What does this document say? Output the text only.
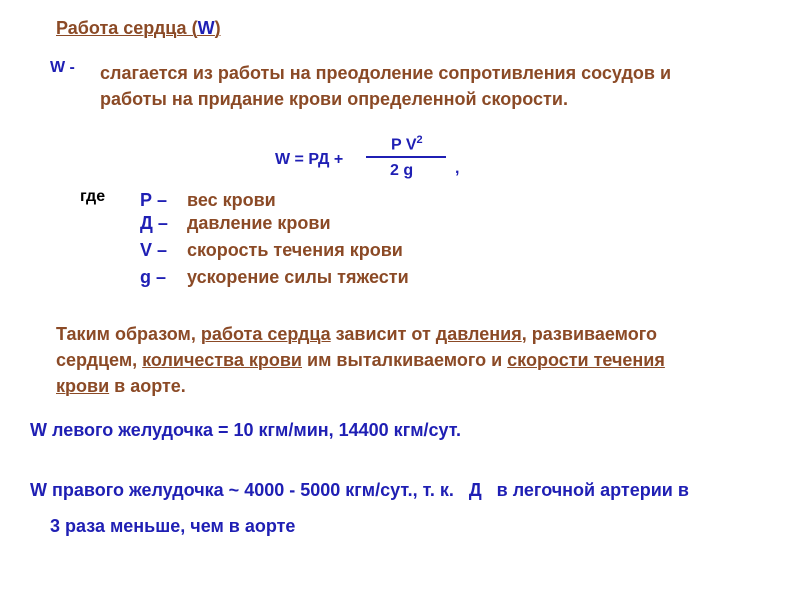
Работа сердца (W)
W - слагается из работы на преодоление сопротивления сосудов и
работы на придание крови определенной скорости.
W = РД +
P $V^2$
2 g	,
где Р – вес крови
Д – давление крови
V – скорость течения крови
g – ускорение силы тяжести
Таким образом, работа сердца зависит от давления, развиваемого
сердцем, количества крови им выталкиваемого и скорости течения
крови в аорте.
W левого желудочка = 10 кгм/мин, 14400 кгм/сут.
W правого желудочка ~ 4000 - 5000 кгм/сут., т. к.   Д   в легочной артерии в
3 раза меньше, чем в аорте
